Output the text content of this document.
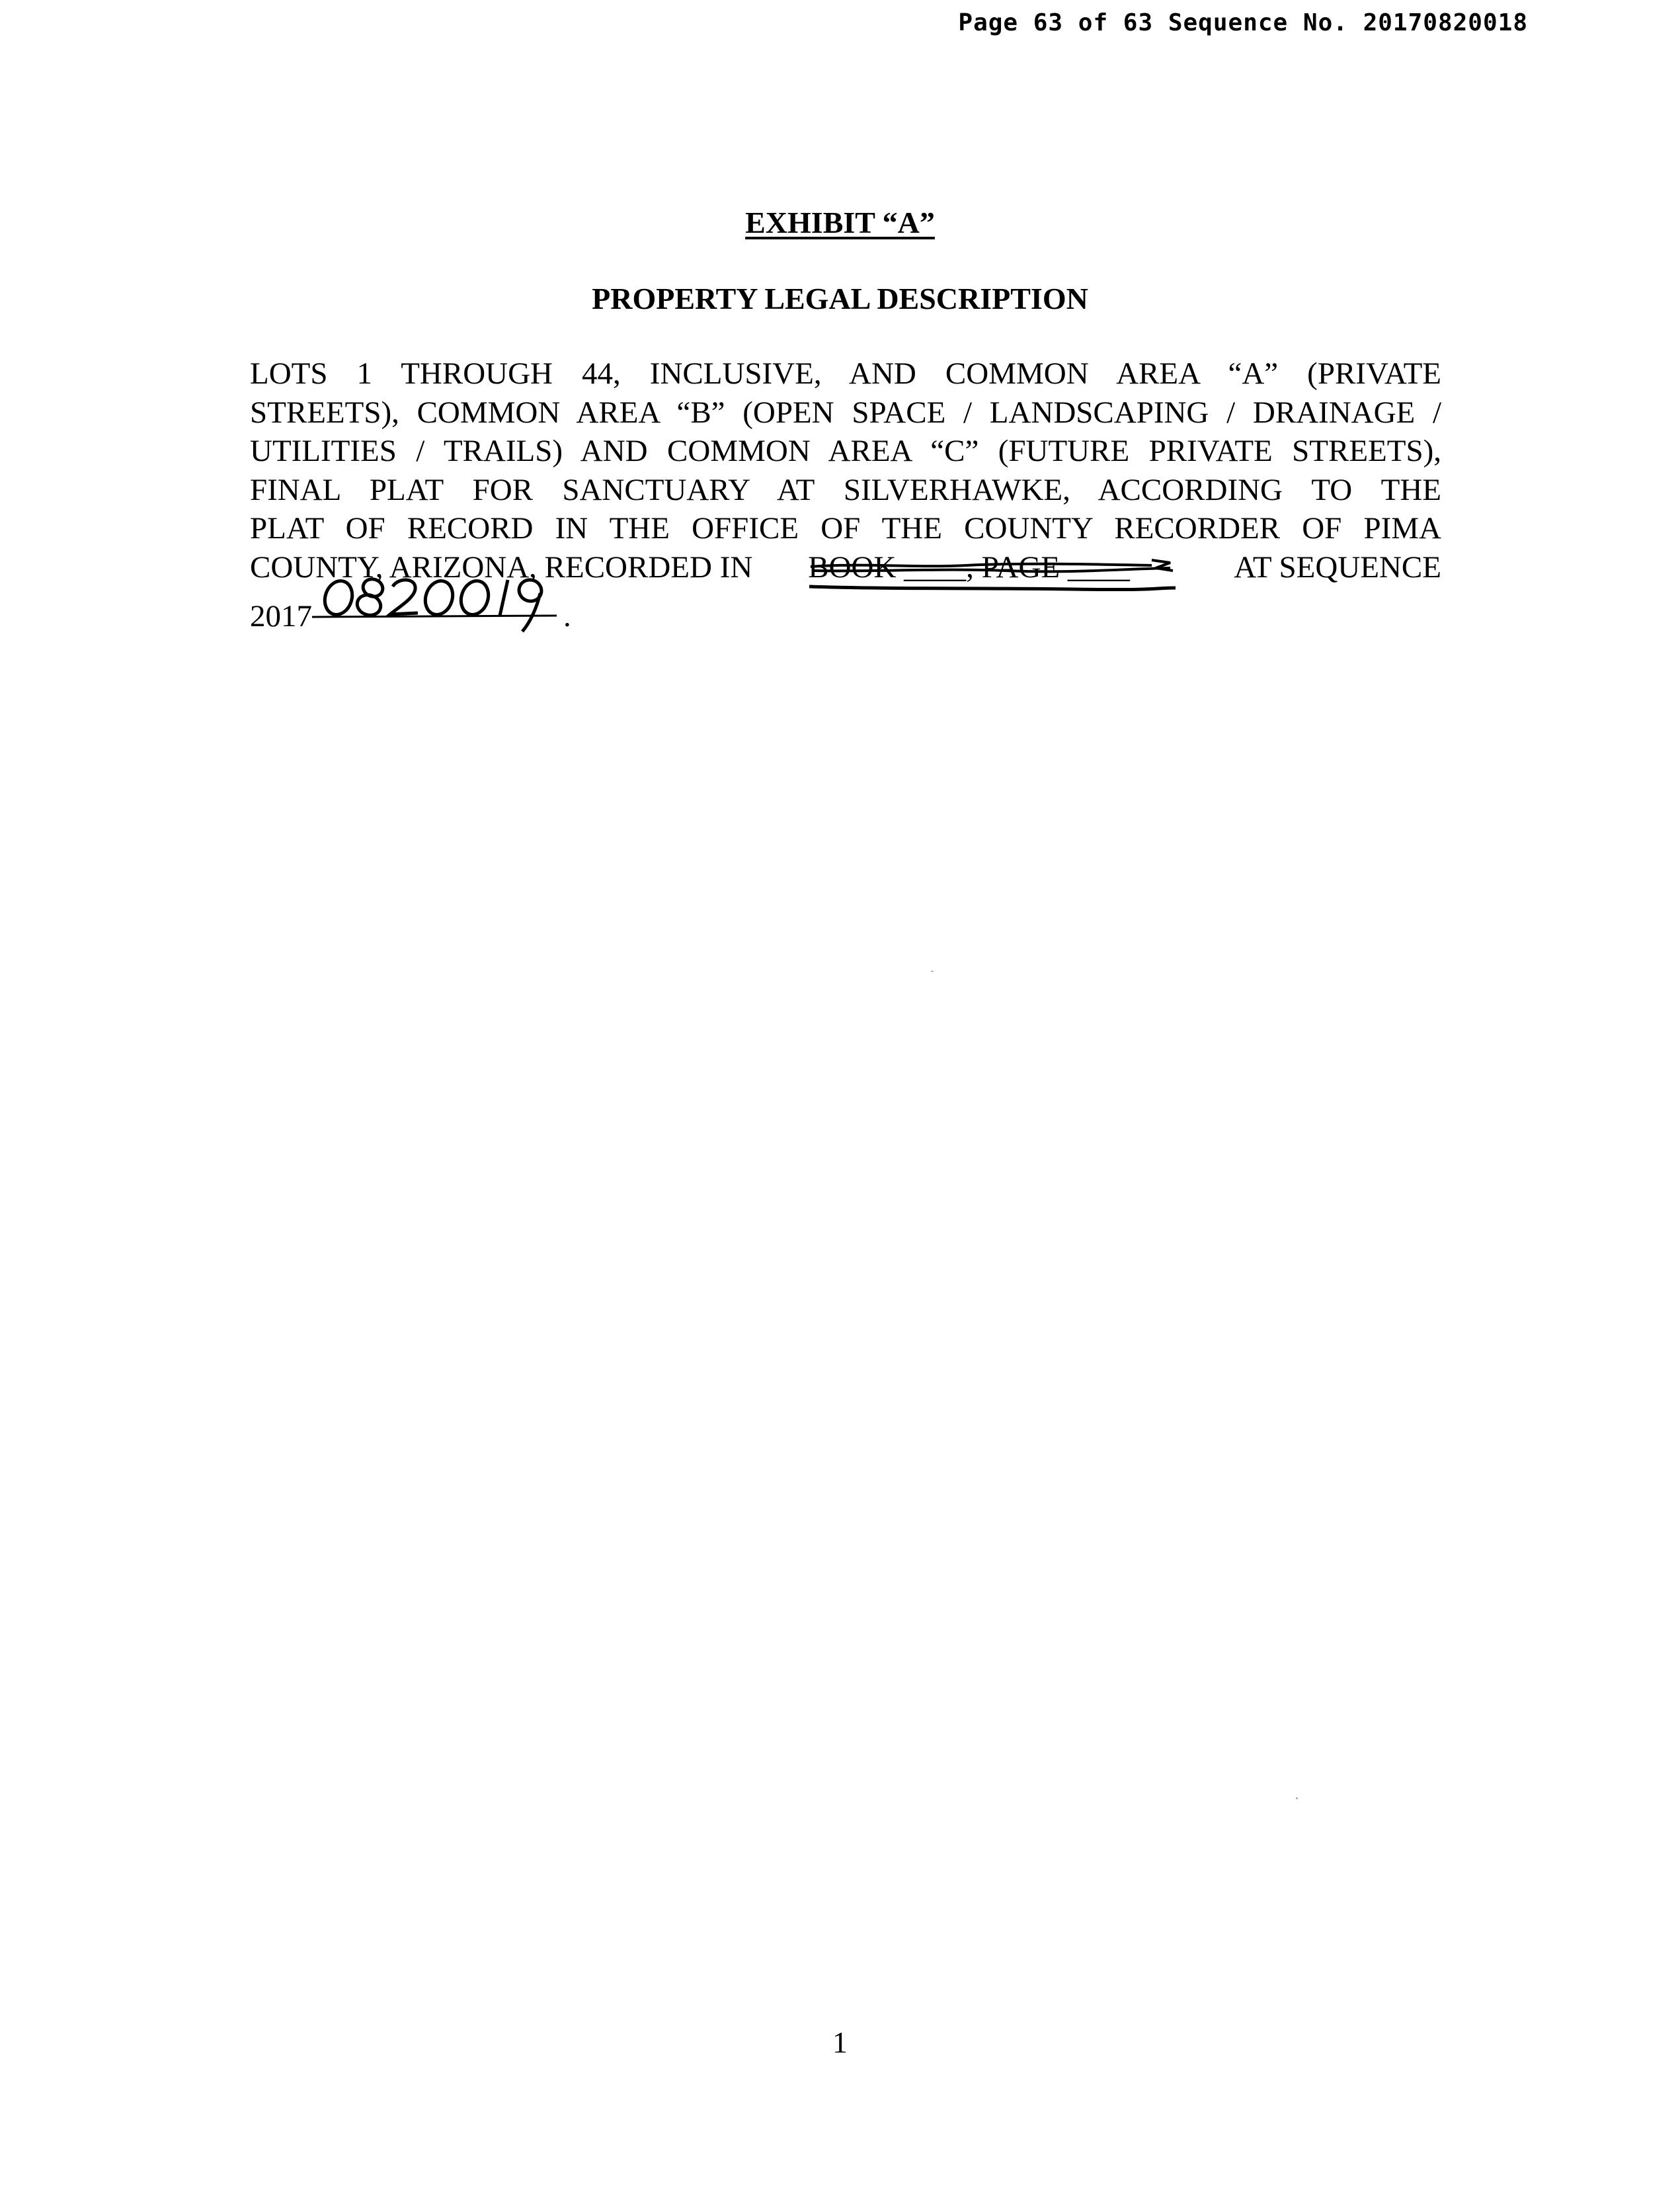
Page 63 of 63 Sequence No. 20170820018
EXHIBIT “A”
PROPERTY LEGAL DESCRIPTION
LOTS 1 THROUGH 44, INCLUSIVE, AND COMMON AREA “A” (PRIVATE
STREETS), COMMON AREA “B” (OPEN SPACE / LANDSCAPING / DRAINAGE /
UTILITIES / TRAILS) AND COMMON AREA “C” (FUTURE PRIVATE STREETS),
FINAL PLAT FOR SANCTUARY AT SILVERHAWKE, ACCORDING TO THE
PLAT OF RECORD IN THE OFFICE OF THE COUNTY RECORDER OF PIMA
COUNTY, ARIZONA, RECORDED IN BOOK ____, PAGE ____	AT SEQUENCE
2017	.
1
